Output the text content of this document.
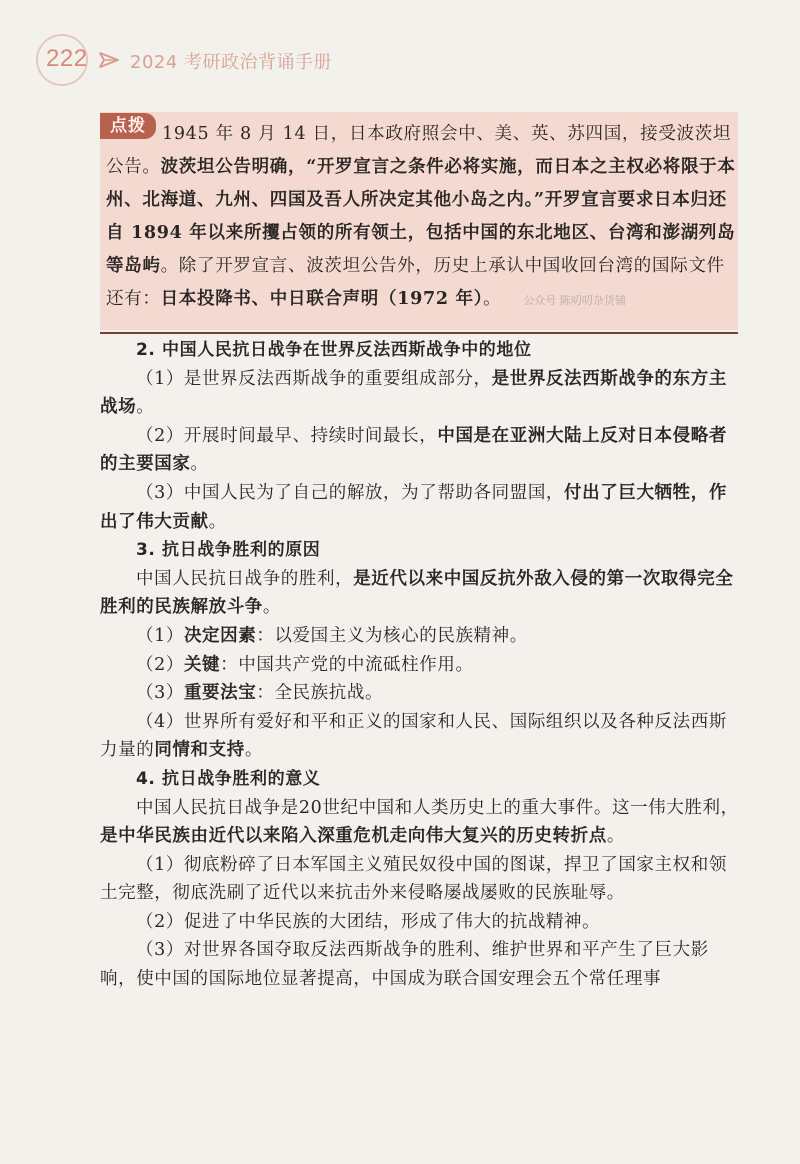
222 2024 考研政治背诵手册
点拨 1945 年 8 月 14 日，日本政府照会中、美、英、苏四国，接受波茨坦公告。波茨坦公告明确，“开罗宣言之条件必将实施，而日本之主权必将限于本州、北海道、九州、四国及吾人所决定其他小岛之内。”开罗宣言要求日本归还自 1894 年以来所攫占领的所有领土，包括中国的东北地区、台湾和澎湖列岛等岛屿。除了开罗宣言、波茨坦公告外，历史上承认中国收回台湾的国际文件还有：日本投降书、中日联合声明（1972 年）。 公众号 陈叨叨杂货铺

2. 中国人民抗日战争在世界反法西斯战争中的地位

（1）是世界反法西斯战争的重要组成部分，是世界反法西斯战争的东方主战场。

（2）开展时间最早、持续时间最长，中国是在亚洲大陆上反对日本侵略者的主要国家。

（3）中国人民为了自己的解放，为了帮助各同盟国，付出了巨大牺牲，作出了伟大贡献。

3. 抗日战争胜利的原因

中国人民抗日战争的胜利，是近代以来中国反抗外敌入侵的第一次取得完全胜利的民族解放斗争。

（1）决定因素：以爱国主义为核心的民族精神。

（2）关键：中国共产党的中流砥柱作用。

（3）重要法宝：全民族抗战。

（4）世界所有爱好和平和正义的国家和人民、国际组织以及各种反法西斯力量的同情和支持。

4. 抗日战争胜利的意义

中国人民抗日战争是20世纪中国和人类历史上的重大事件。这一伟大胜利，是中华民族由近代以来陷入深重危机走向伟大复兴的历史转折点。

（1）彻底粉碎了日本军国主义殖民奴役中国的图谋，捍卫了国家主权和领土完整，彻底洗刷了近代以来抗击外来侵略屡战屡败的民族耻辱。

（2）促进了中华民族的大团结，形成了伟大的抗战精神。

（3）对世界各国夺取反法西斯战争的胜利、维护世界和平产生了巨大影响，使中国的国际地位显著提高，中国成为联合国安理会五个常任理事
